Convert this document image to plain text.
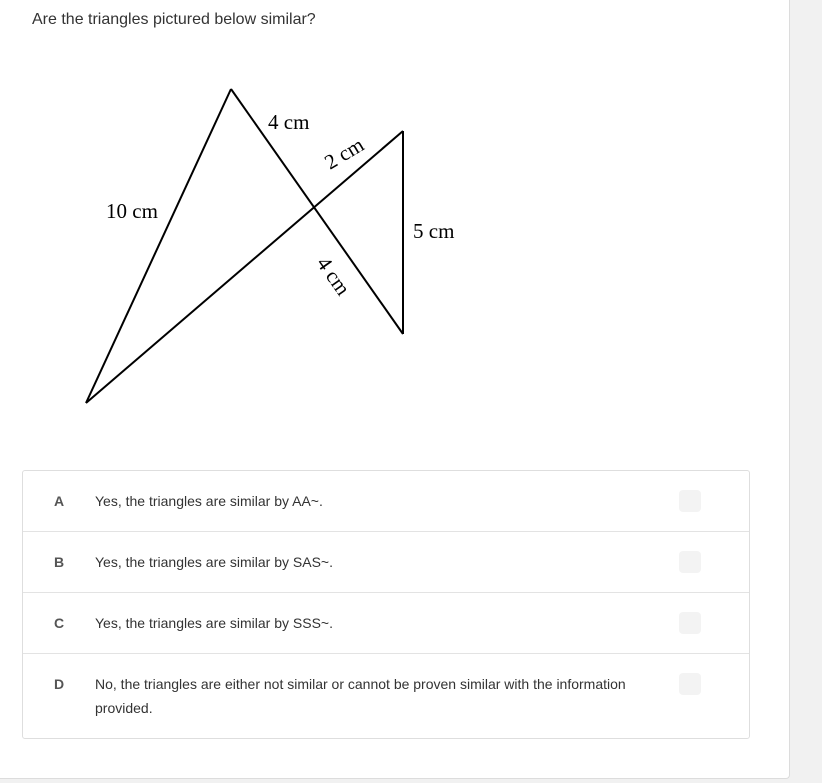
Are the triangles pictured below similar?
10 cm
4 cm
2 cm
5 cm
4 cm
A Yes, the triangles are similar by AA~.
B Yes, the triangles are similar by SAS~.
C Yes, the triangles are similar by SSS~.
D No, the triangles are either not similar or cannot be proven similar with the information provided.
